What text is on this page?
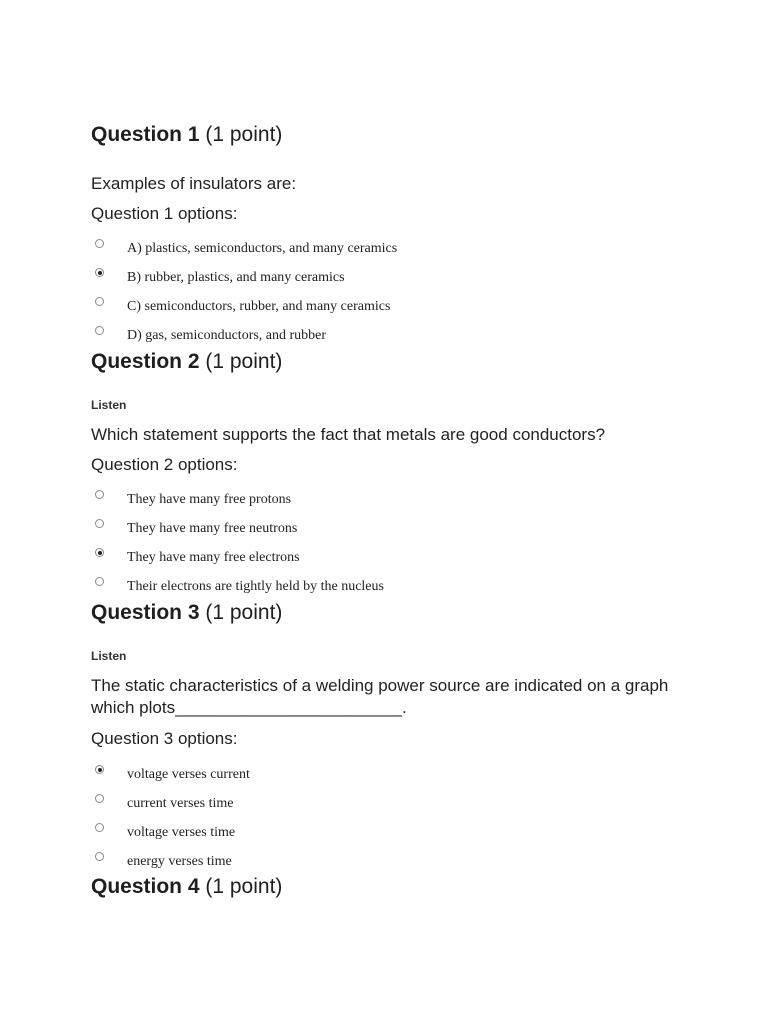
Question 1 (1 point)
Examples of insulators are:
Question 1 options:
A) plastics, semiconductors, and many ceramics
B) rubber, plastics, and many ceramics
C) semiconductors, rubber, and many ceramics
D) gas, semiconductors, and rubber
Question 2 (1 point)
Listen
Which statement supports the fact that metals are good conductors?
Question 2 options:
They have many free protons
They have many free neutrons
They have many free electrons
Their electrons are tightly held by the nucleus
Question 3 (1 point)
Listen
The static characteristics of a welding power source are indicated on a graph which plots________________________.
Question 3 options:
voltage verses current
current verses time
voltage verses time
energy verses time
Question 4 (1 point)
